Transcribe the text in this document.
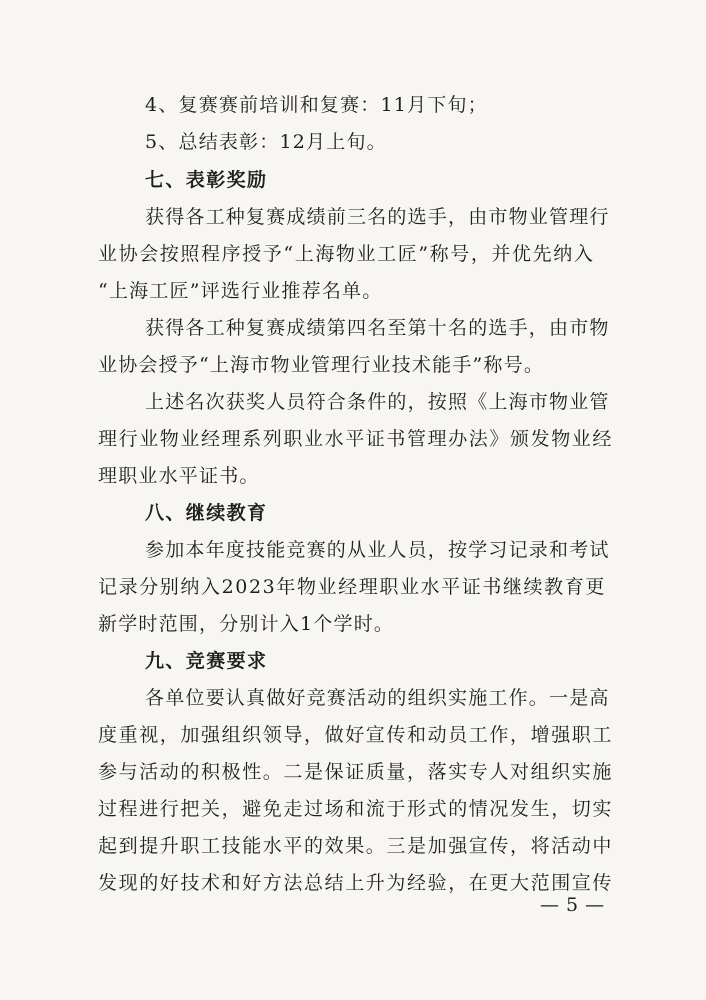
4、复赛赛前培训和复赛：11月下旬；
5、总结表彰：12月上旬。
七、表彰奖励
获得各工种复赛成绩前三名的选手，由市物业管理行
业协会按照程序授予“上海物业工匠”称号，并优先纳入
“上海工匠”评选行业推荐名单。
获得各工种复赛成绩第四名至第十名的选手，由市物
业协会授予“上海市物业管理行业技术能手”称号。
上述名次获奖人员符合条件的，按照《上海市物业管
理行业物业经理系列职业水平证书管理办法》颁发物业经
理职业水平证书。
八、继续教育
参加本年度技能竞赛的从业人员，按学习记录和考试
记录分别纳入2023年物业经理职业水平证书继续教育更
新学时范围，分别计入1个学时。
九、竞赛要求
各单位要认真做好竞赛活动的组织实施工作。一是高
度重视，加强组织领导，做好宣传和动员工作，增强职工
参与活动的积极性。二是保证质量，落实专人对组织实施
过程进行把关，避免走过场和流于形式的情况发生，切实
起到提升职工技能水平的效果。三是加强宣传，将活动中
发现的好技术和好方法总结上升为经验，在更大范围宣传
— 5 —
